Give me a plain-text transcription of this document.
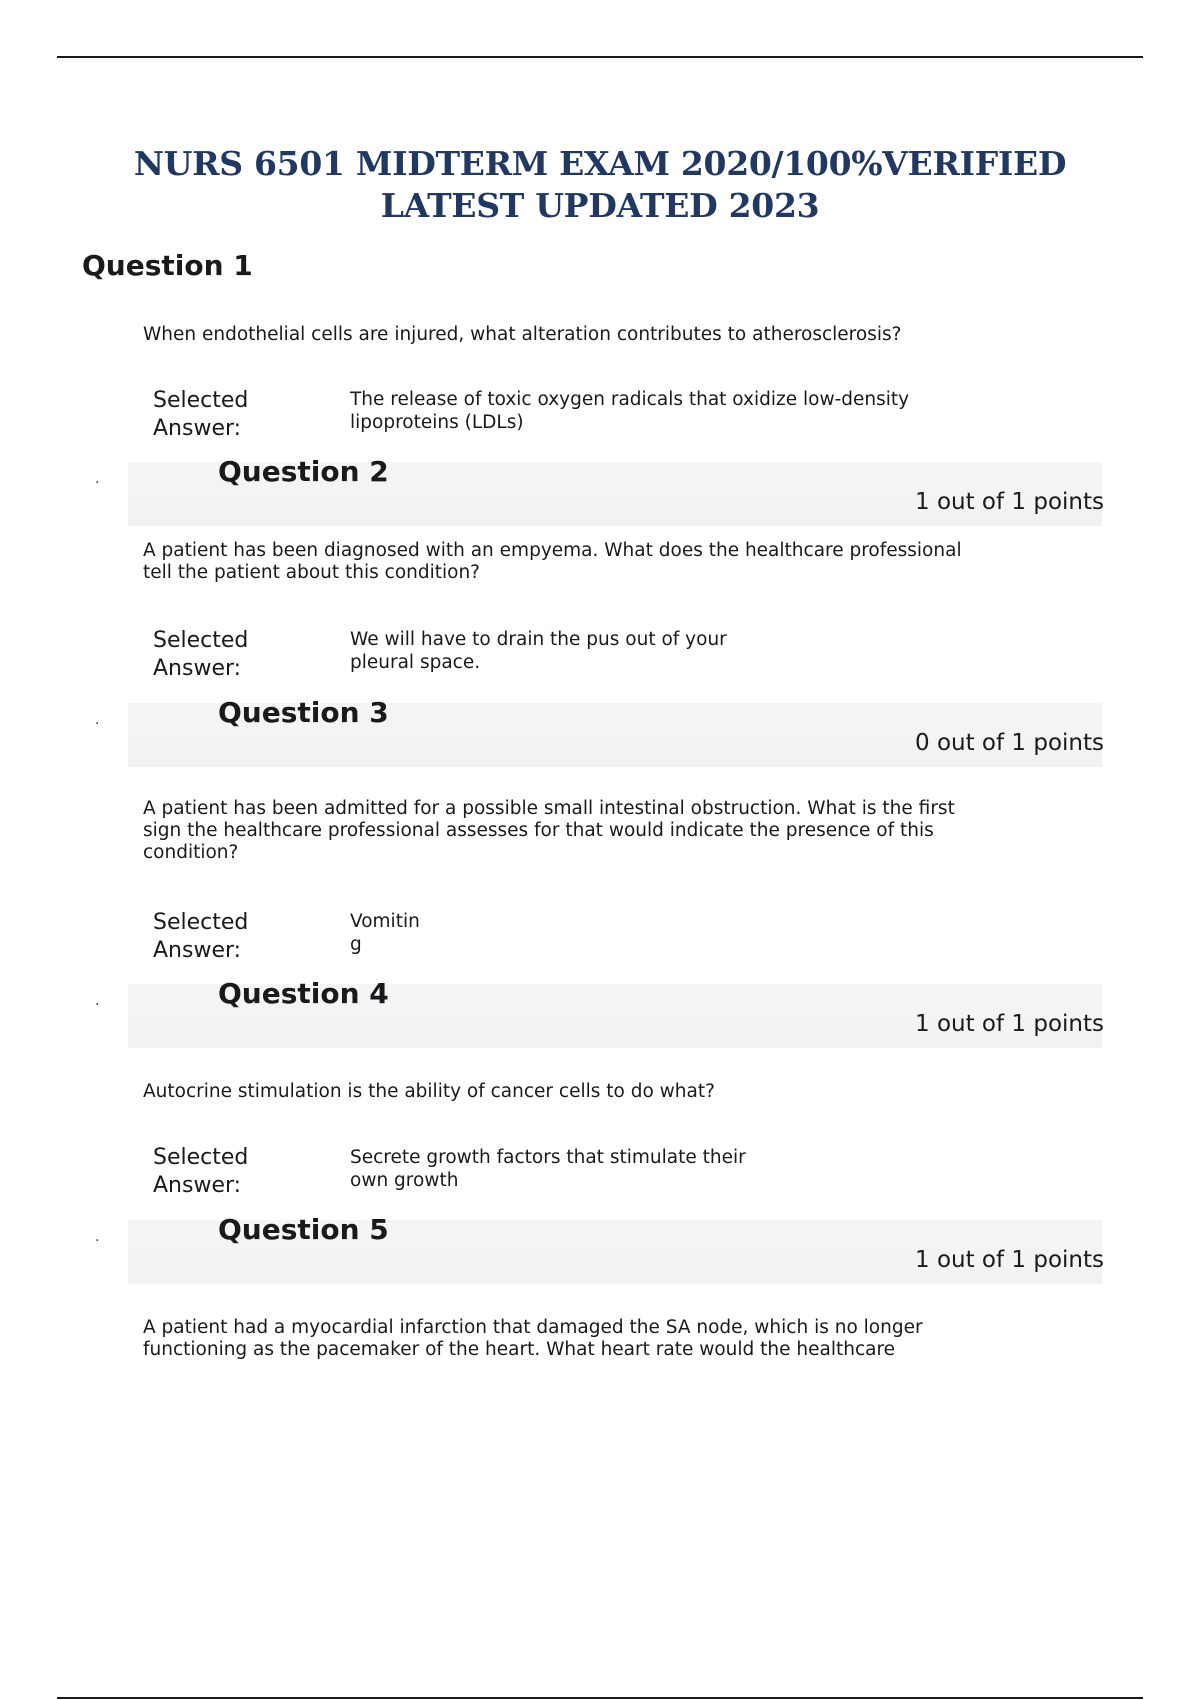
NURS 6501 MIDTERM EXAM 2020/100%VERIFIED
LATEST UPDATED 2023
Question 1
When endothelial cells are injured, what alteration contributes to atherosclerosis?
Selected
Answer:
The release of toxic oxygen radicals that oxidize low-density
lipoproteins (LDLs)
.	Question 2
1 out of 1 points
A patient has been diagnosed with an empyema. What does the healthcare professional
tell the patient about this condition?
Selected
Answer:
We will have to drain the pus out of your
pleural space.
.	Question 3
0 out of 1 points
A patient has been admitted for a possible small intestinal obstruction. What is the first
sign the healthcare professional assesses for that would indicate the presence of this
condition?
Selected
Answer:
Vomitin
g
.	Question 4
1 out of 1 points
Autocrine stimulation is the ability of cancer cells to do what?
Selected
Answer:
Secrete growth factors that stimulate their
own growth
.	Question 5
1 out of 1 points
A patient had a myocardial infarction that damaged the SA node, which is no longer
functioning as the pacemaker of the heart. What heart rate would the healthcare
